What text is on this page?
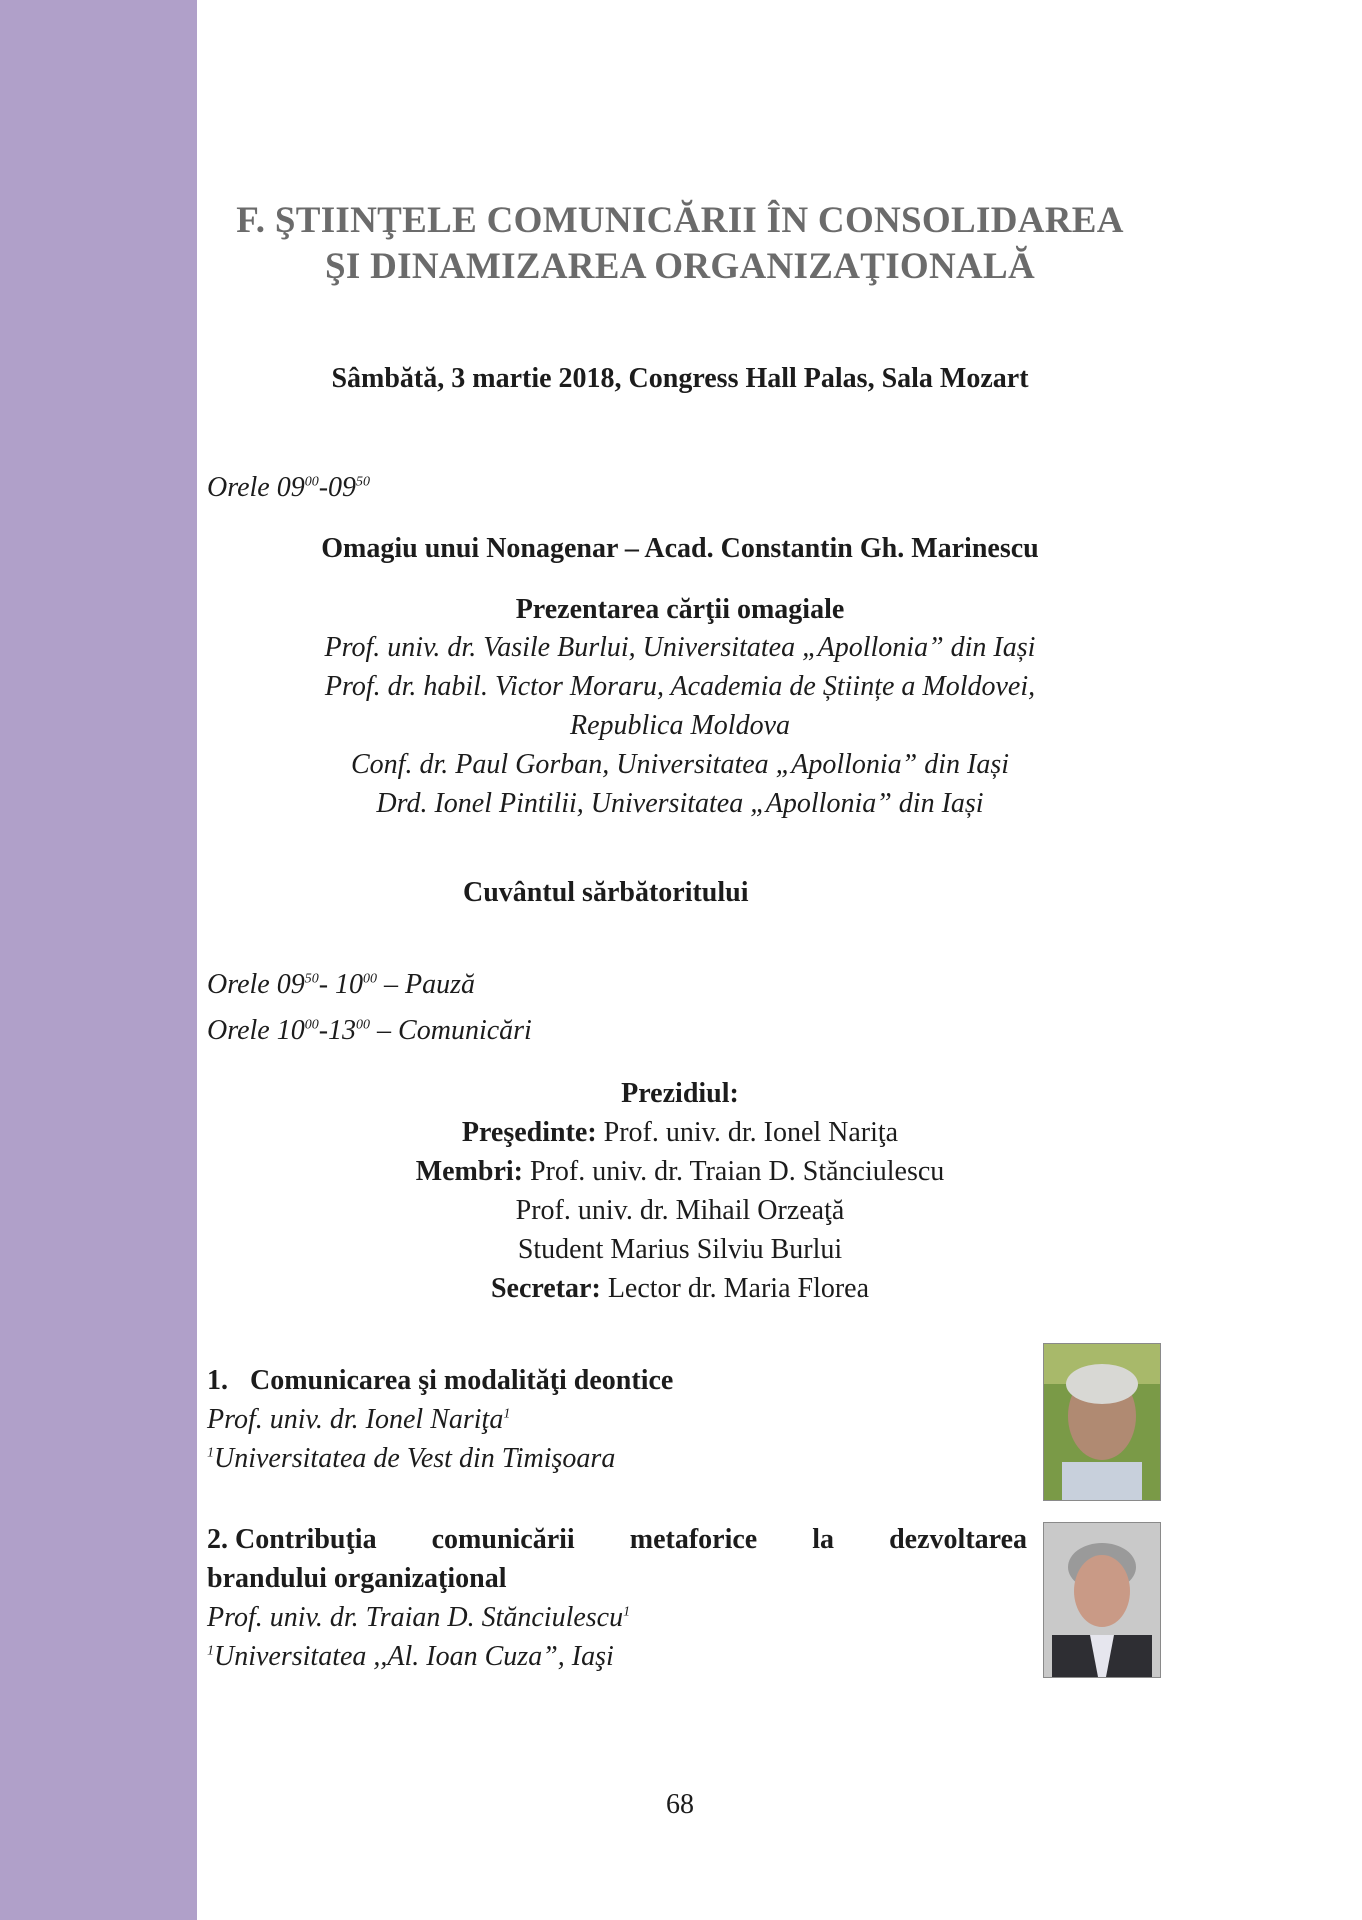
F. ŞTIINŢELE COMUNICĂRII ÎN CONSOLIDAREA
ŞI DINAMIZAREA ORGANIZAŢIONALĂ
Sâmbătă, 3 martie 2018, Congress Hall Palas, Sala Mozart
Orele $09^{00}-09^{50}$
Omagiu unui Nonagenar – Acad. Constantin Gh. Marinescu
Prezentarea cărţii omagiale
Prof. univ. dr. Vasile Burlui, Universitatea „Apollonia” din Iași
Prof. dr. habil. Victor Moraru, Academia de Științe a Moldovei,
Republica Moldova
Conf. dr. Paul Gorban, Universitatea „Apollonia” din Iași
Drd. Ionel Pintilii, Universitatea „Apollonia” din Iași
Cuvântul sărbătoritului
Orele $09^{50}-$ $10^{00}$ – Pauză
Orele $10^{00}-13^{00}$ – Comunicări
Prezidiul:
Preşedinte: Prof. univ. dr. Ionel Nariţa
Membri: Prof. univ. dr. Traian D. Stănciulescu
Prof. univ. dr. Mihail Orzeaţă
Student Marius Silviu Burlui
Secretar: Lector dr. Maria Florea
1. Comunicarea şi modalităţi deontice
Prof. univ. dr. Ionel Nariţa$^1$
$^1$Universitatea de Vest din Timişoara
2. Contribuţia comunicării metaforice la dezvoltarea
brandului organizaţional
Prof. univ. dr. Traian D. Stănciulescu$^1$
$^1$Universitatea ,,Al. Ioan Cuza”, Iaşi
68
